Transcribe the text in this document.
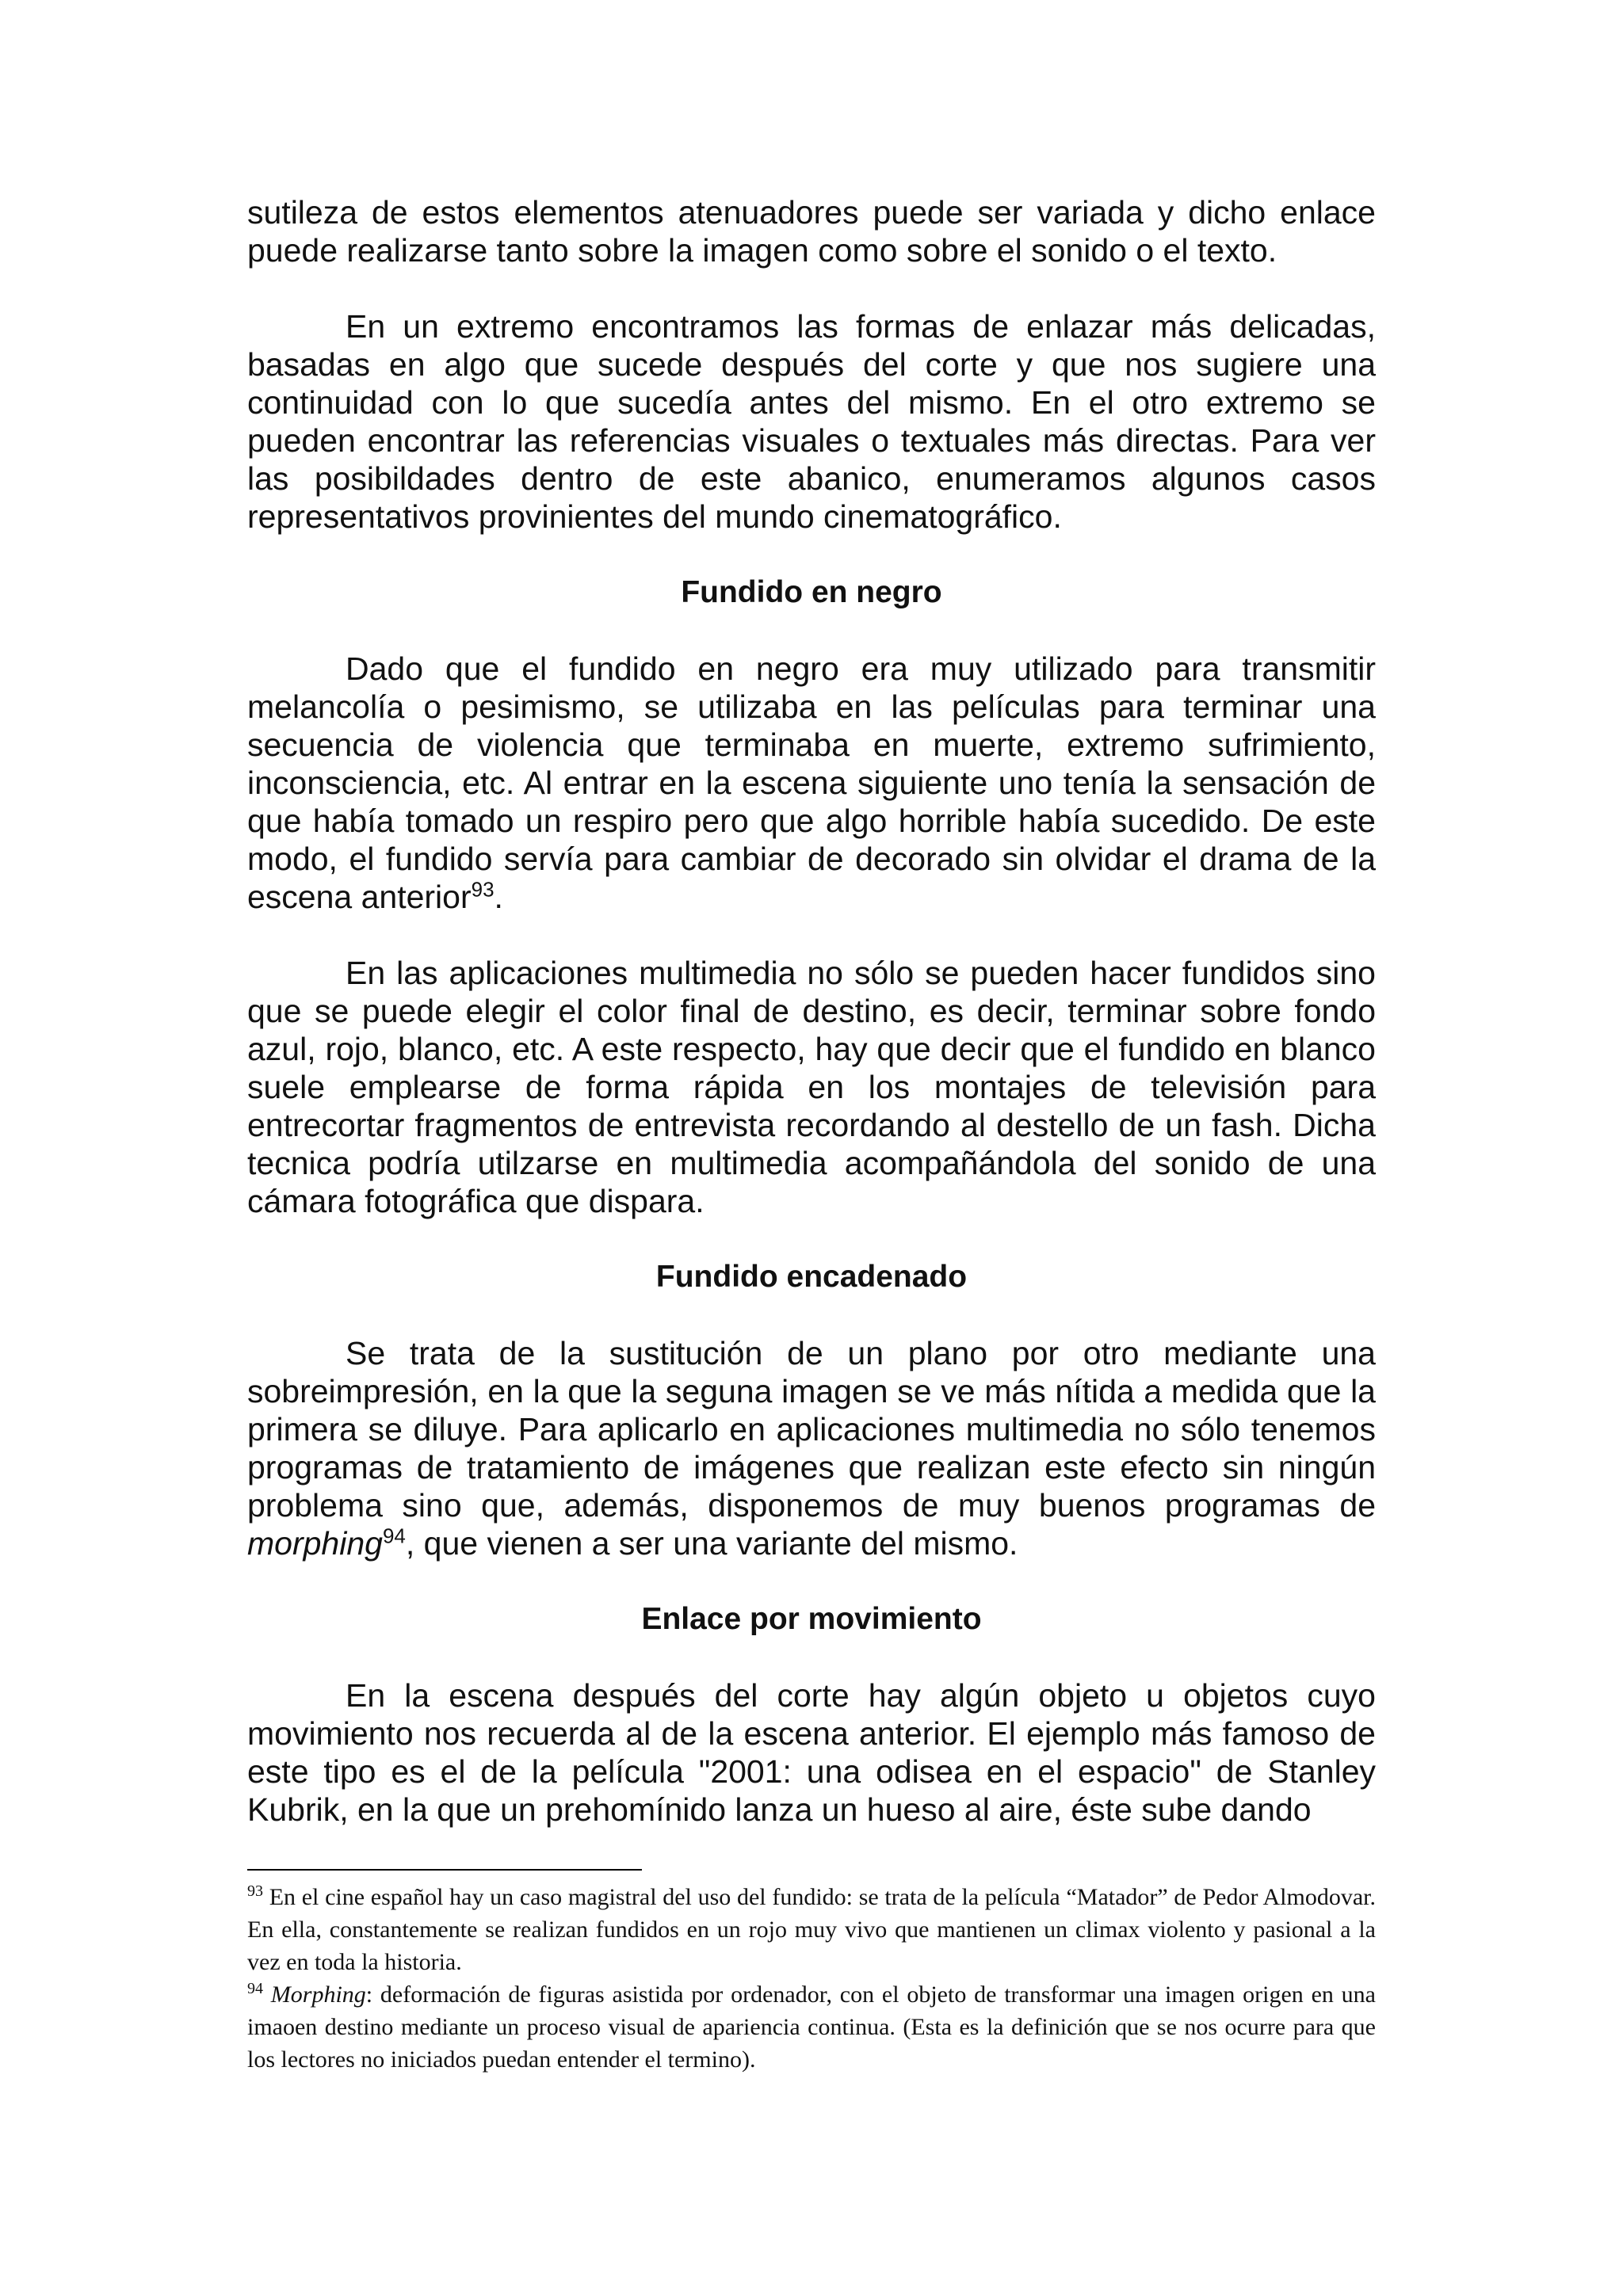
sutileza de estos elementos atenuadores puede ser variada y dicho enlace puede realizarse tanto sobre la imagen como sobre el sonido o el texto.

En un extremo encontramos las formas de enlazar más delicadas, basadas en algo que sucede después del corte y que nos sugiere una continuidad con lo que sucedía antes del mismo. En el otro extremo se pueden encontrar las referencias visuales o textuales más directas. Para ver las posibildades dentro de este abanico, enumeramos algunos casos representativos provinientes del mundo cinematográfico.

Fundido en negro

Dado que el fundido en negro era muy utilizado para transmitir melancolía o pesimismo, se utilizaba en las películas para terminar una secuencia de violencia que terminaba en muerte, extremo sufrimiento, inconsciencia, etc. Al entrar en la escena siguiente uno tenía la sensación de que había tomado un respiro pero que algo horrible había sucedido. De este modo, el fundido servía para cambiar de decorado sin olvidar el drama de la escena anterior$^{93}$.

En las aplicaciones multimedia no sólo se pueden hacer fundidos sino que se puede elegir el color final de destino, es decir, terminar sobre fondo azul, rojo, blanco, etc. A este respecto, hay que decir que el fundido en blanco suele emplearse de forma rápida en los montajes de televisión para entrecortar fragmentos de entrevista recordando al destello de un fash. Dicha tecnica podría utilzarse en multimedia acompañándola del sonido de una cámara fotográfica que dispara.

Fundido encadenado

Se trata de la sustitución de un plano por otro mediante una sobreimpresión, en la que la seguna imagen se ve más nítida a medida que la primera se diluye. Para aplicarlo en aplicaciones multimedia no sólo tenemos programas de tratamiento de imágenes que realizan este efecto sin ningún problema sino que, además, disponemos de muy buenos programas de morphing$^{94}$, que vienen a ser una variante del mismo.

Enlace por movimiento

En la escena después del corte hay algún objeto u objetos cuyo movimiento nos recuerda al de la escena anterior. El ejemplo más famoso de este tipo es el de la película "2001: una odisea en el espacio" de Stanley Kubrik, en la que un prehomínido lanza un hueso al aire, éste sube dando

$^{93}$ En el cine español hay un caso magistral del uso del fundido: se trata de la película “Matador” de Pedor Almodovar. En ella, constantemente se realizan fundidos en un rojo muy vivo que mantienen un climax violento y pasional a la vez en toda la historia.

$^{94}$ Morphing: deformación de figuras asistida por ordenador, con el objeto de transformar una imagen origen en una imaoen destino mediante un proceso visual de apariencia continua. (Esta es la definición que se nos ocurre para que los lectores no iniciados puedan entender el termino).
